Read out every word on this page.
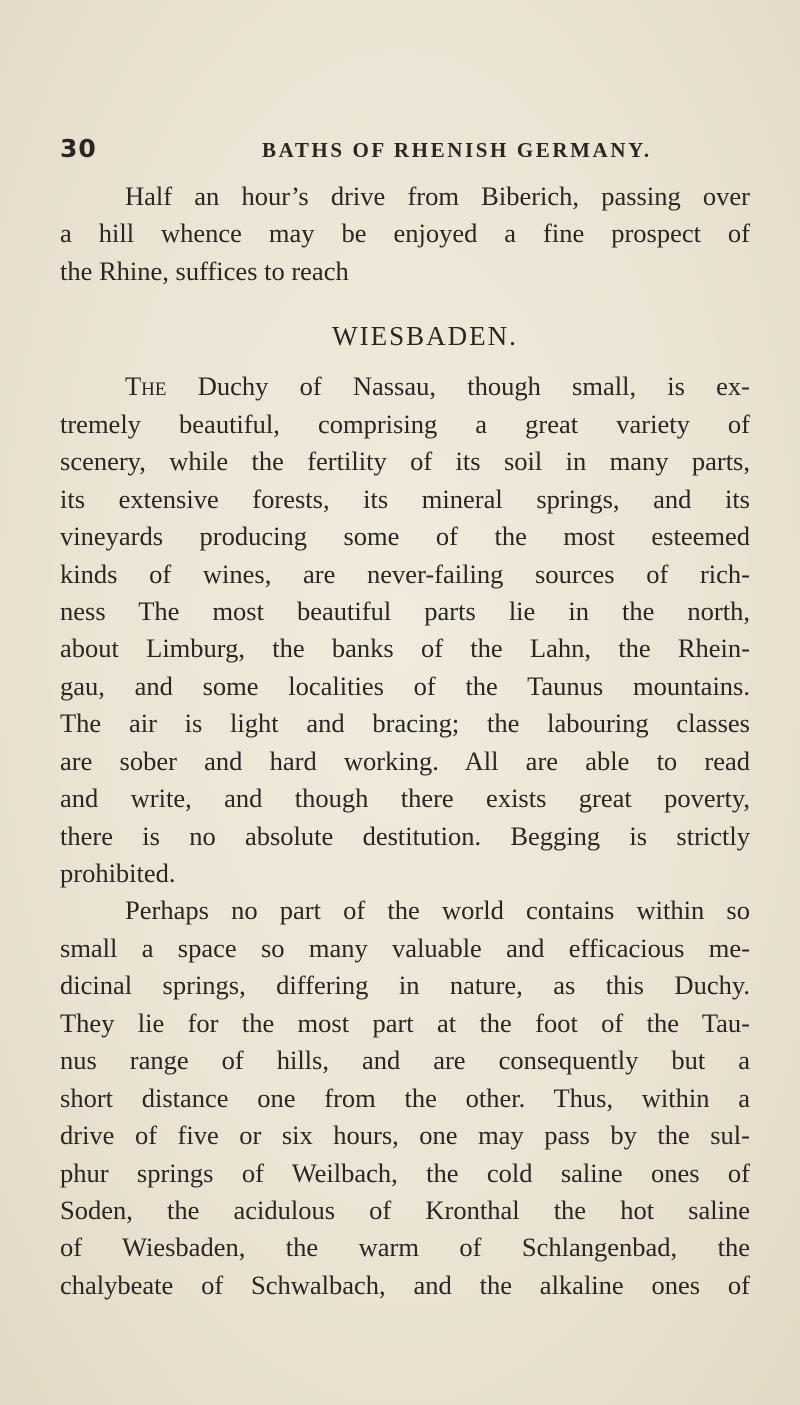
30	BATHS OF RHENISH GERMANY.
Half an hour’s drive from Biberich, passing over
a hill whence may be enjoyed a fine prospect of
the Rhine, suffices to reach
WIESBADEN.
The Duchy of Nassau, though small, is ex-
tremely beautiful, comprising a great variety of
scenery, while the fertility of its soil in many parts,
its extensive forests, its mineral springs, and its
vineyards producing some of the most esteemed
kinds of wines, are never-failing sources of rich-
ness The most beautiful parts lie in the north,
about Limburg, the banks of the Lahn, the Rhein-
gau, and some localities of the Taunus mountains.
The air is light and bracing; the labouring classes
are sober and hard working. All are able to read
and write, and though there exists great poverty,
there is no absolute destitution. Begging is strictly
prohibited.
Perhaps no part of the world contains within so
small a space so many valuable and efficacious me-
dicinal springs, differing in nature, as this Duchy.
They lie for the most part at the foot of the Tau-
nus range of hills, and are consequently but a
short distance one from the other. Thus, within a
drive of five or six hours, one may pass by the sul-
phur springs of Weilbach, the cold saline ones of
Soden, the acidulous of Kronthal the hot saline
of Wiesbaden, the warm of Schlangenbad, the
chalybeate of Schwalbach, and the alkaline ones of
